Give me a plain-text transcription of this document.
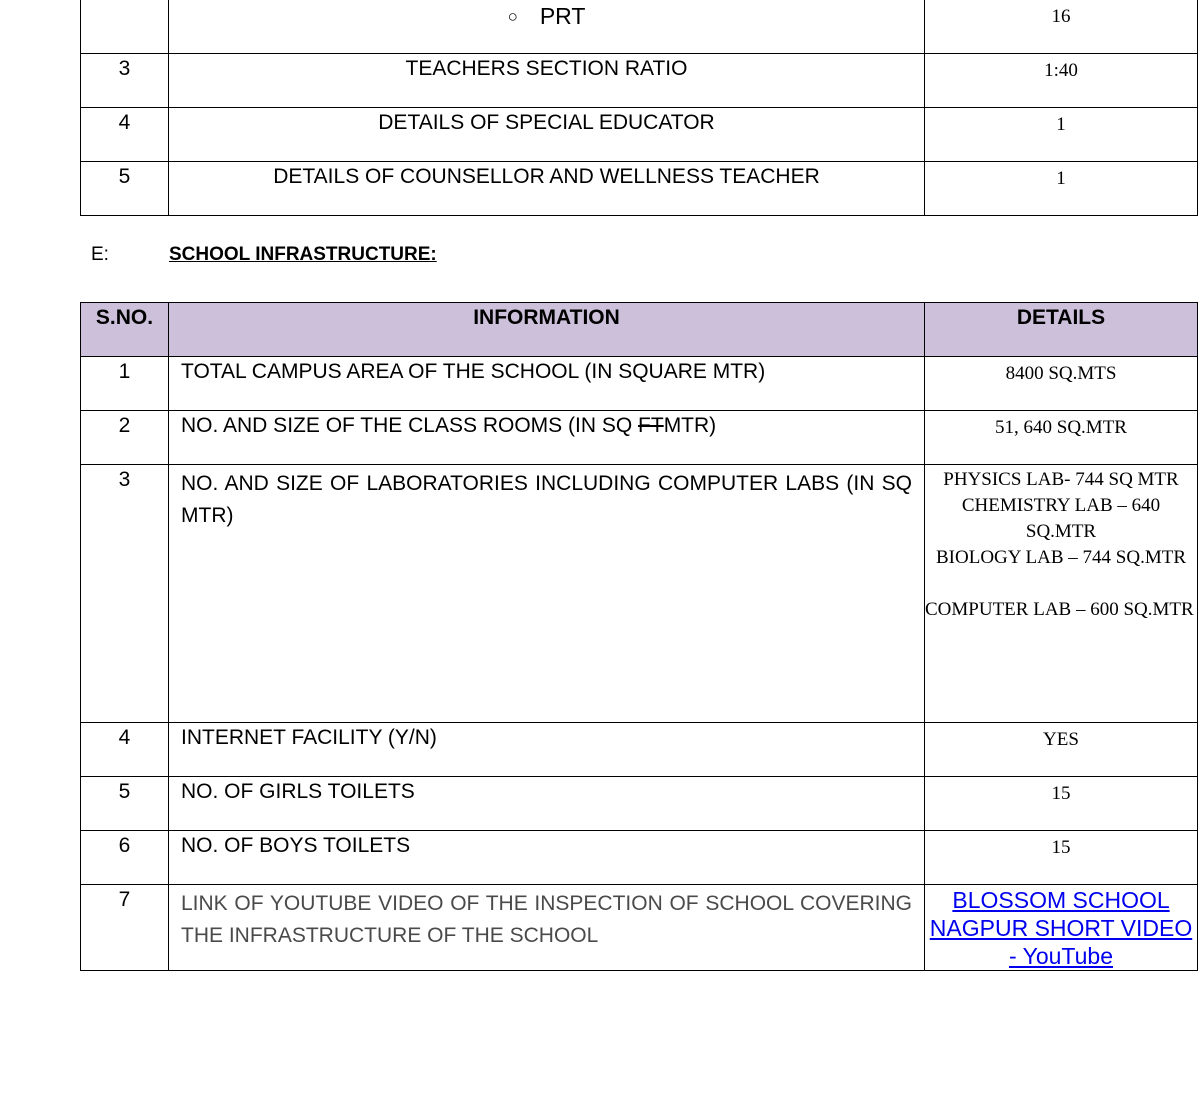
	○ PRT	16
3	TEACHERS SECTION RATIO	1:40
4	DETAILS OF SPECIAL EDUCATOR	1
5	DETAILS OF COUNSELLOR AND WELLNESS TEACHER	1
E:	SCHOOL INFRASTRUCTURE:
S.NO.	INFORMATION	DETAILS
1	TOTAL CAMPUS AREA OF THE SCHOOL (IN SQUARE MTR)	8400 SQ.MTS
2	NO. AND SIZE OF THE CLASS ROOMS (IN SQ FTMTR)	51, 640 SQ.MTR
3	NO. AND SIZE OF LABORATORIES INCLUDING COMPUTER LABS (IN SQ MTR)	PHYSICS LAB- 744 SQ MTR
CHEMISTRY LAB – 640 SQ.MTR
BIOLOGY LAB – 744 SQ.MTR
COMPUTER LAB – 600 SQ.MTR

4	INTERNET FACILITY (Y/N)	YES
5	NO. OF GIRLS TOILETS	15
6	NO. OF BOYS TOILETS	15
7	LINK OF YOUTUBE VIDEO OF THE INSPECTION OF SCHOOL COVERING THE INFRASTRUCTURE OF THE SCHOOL	BLOSSOM SCHOOL NAGPUR SHORT VIDEO - YouTube
